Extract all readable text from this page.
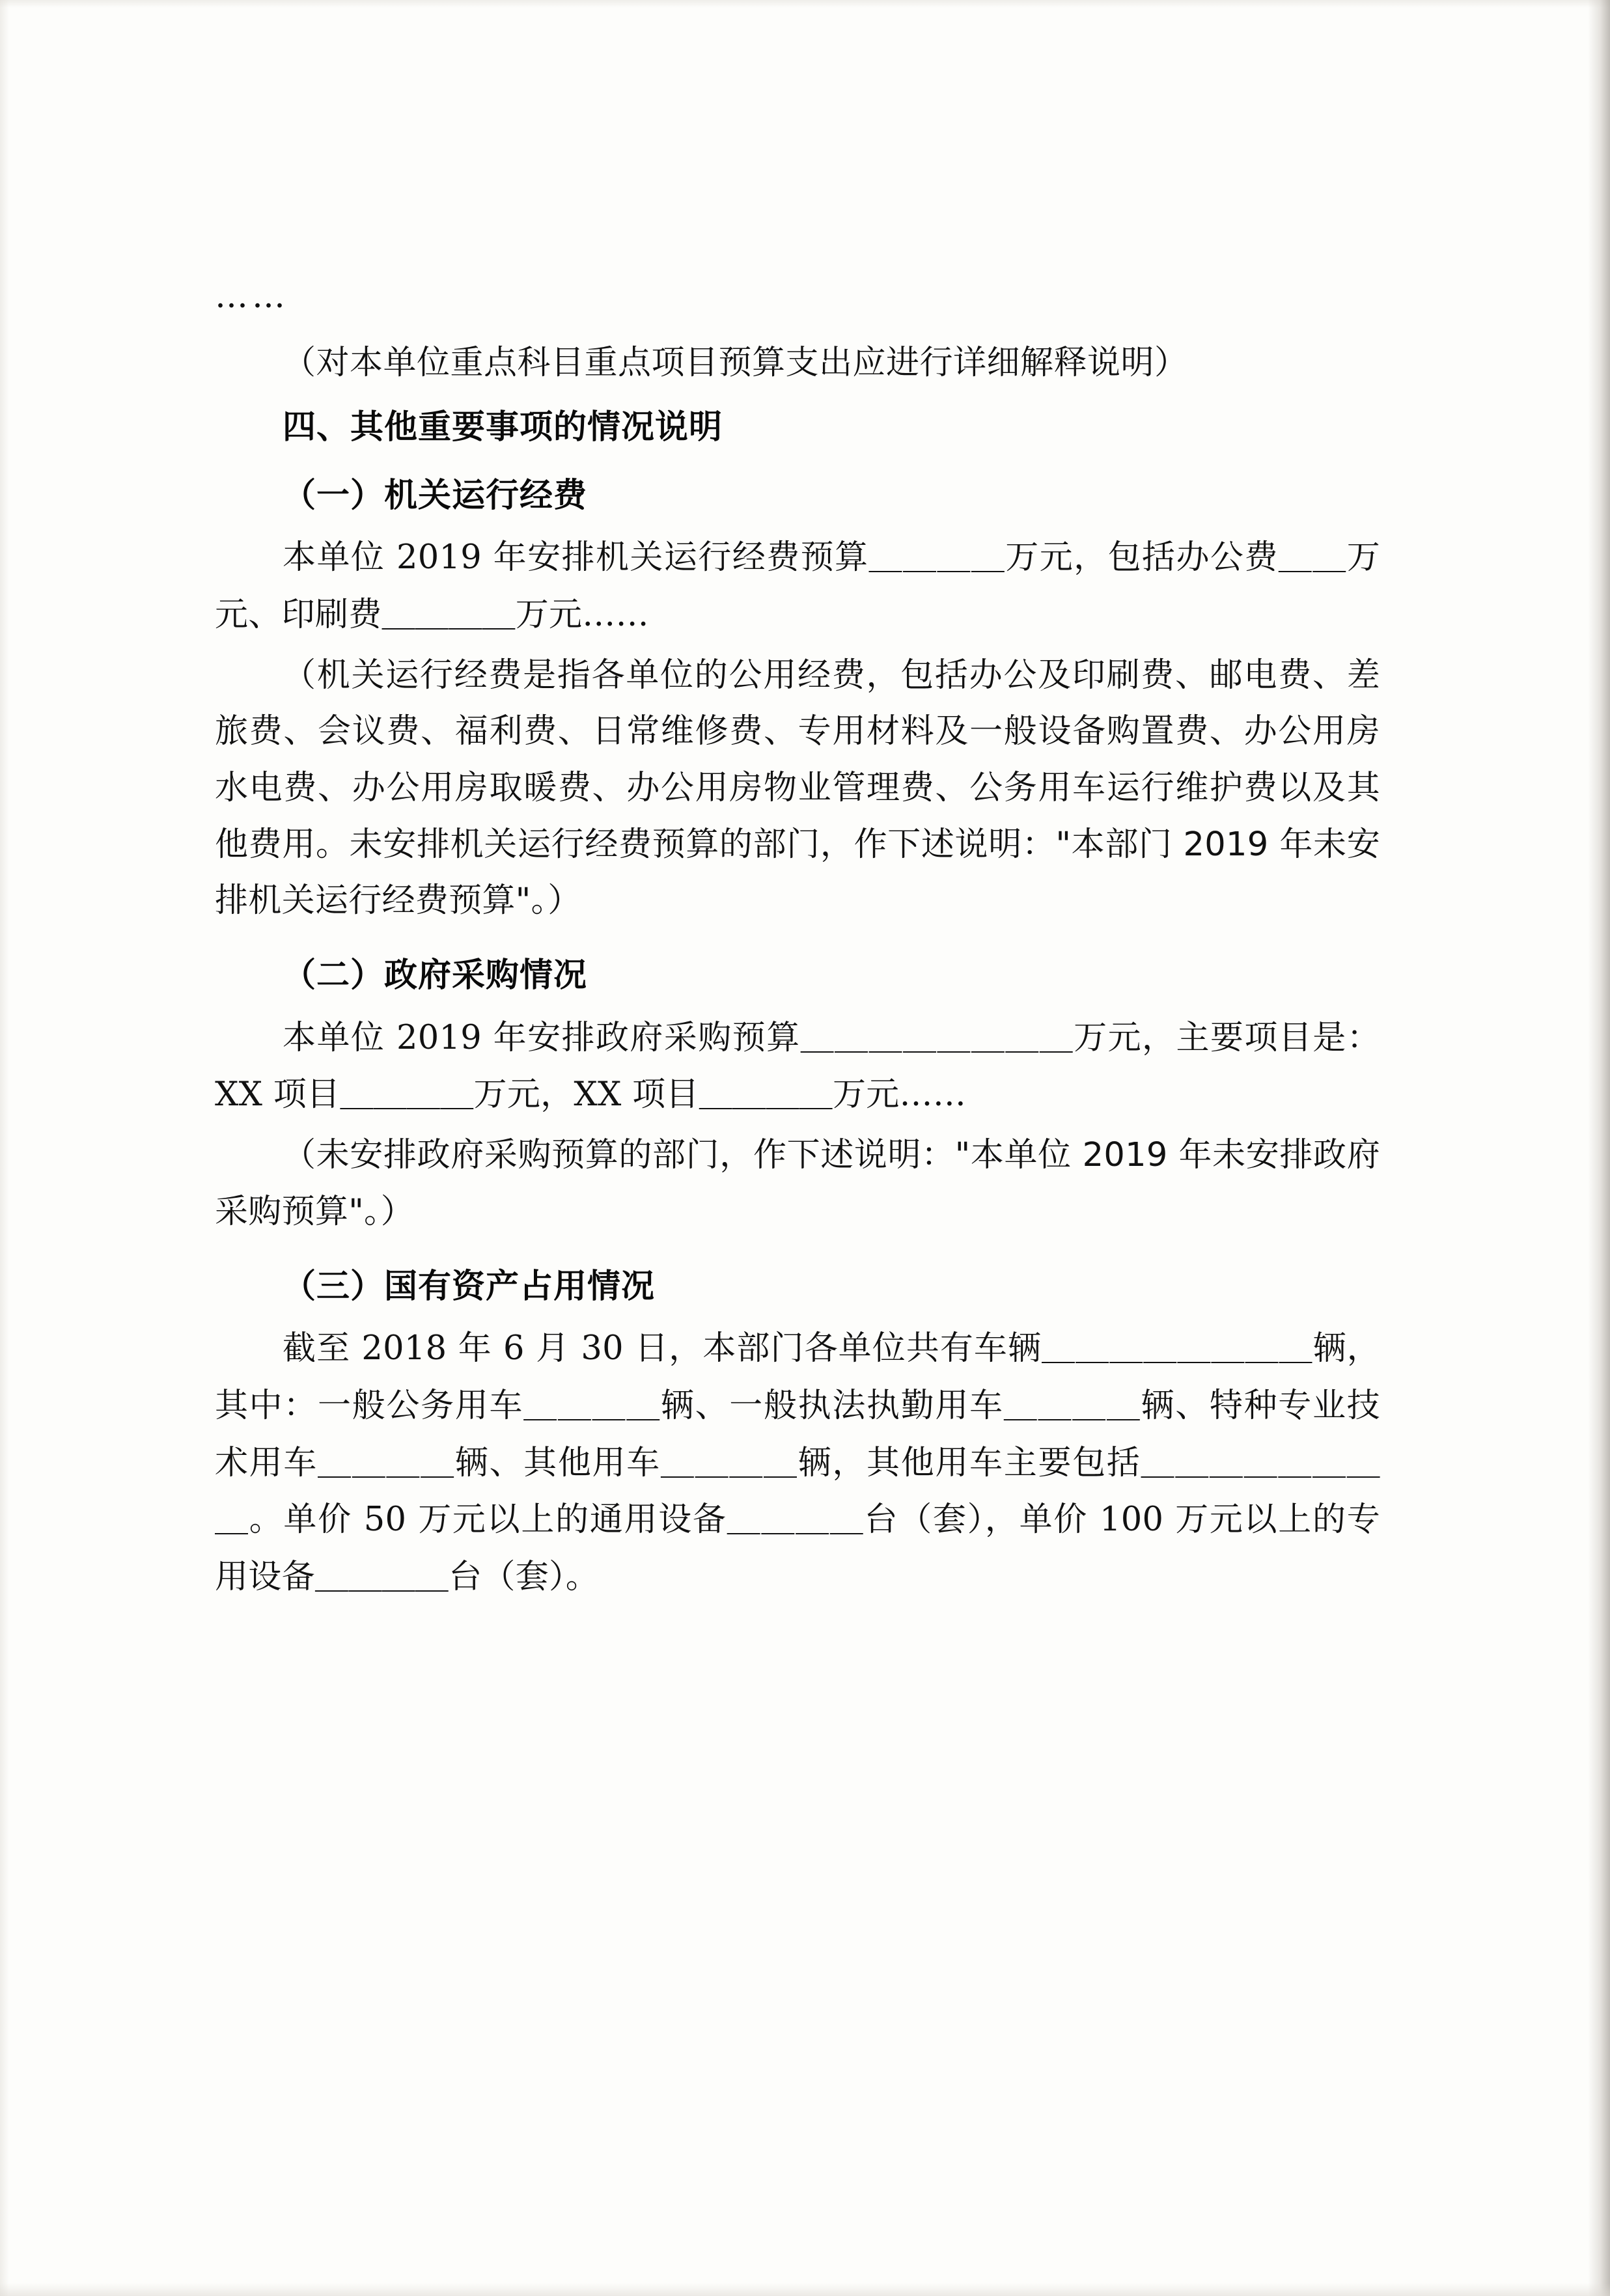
……
（对本单位重点科目重点项目预算支出应进行详细解释说明）
四、其他重要事项的情况说明
（一）机关运行经费
本单位 2019 年安排机关运行经费预算＿＿＿＿万元，包括办公费＿＿万元、印刷费＿＿＿＿万元……
（机关运行经费是指各单位的公用经费，包括办公及印刷费、邮电费、差旅费、会议费、福利费、日常维修费、专用材料及一般设备购置费、办公用房水电费、办公用房取暖费、办公用房物业管理费、公务用车运行维护费以及其他费用。未安排机关运行经费预算的部门，作下述说明："本部门 2019 年未安排机关运行经费预算"。）
（二）政府采购情况
本单位 2019 年安排政府采购预算＿＿＿＿＿＿＿＿万元，主要项目是：XX 项目＿＿＿＿万元，XX 项目＿＿＿＿万元……
（未安排政府采购预算的部门，作下述说明："本单位 2019 年未安排政府采购预算"。）
（三）国有资产占用情况
截至 2018 年 6 月 30 日，本部门各单位共有车辆＿＿＿＿＿＿＿＿辆，其中：一般公务用车＿＿＿＿辆、一般执法执勤用车＿＿＿＿辆、特种专业技术用车＿＿＿＿辆、其他用车＿＿＿＿辆，其他用车主要包括＿＿＿＿＿＿＿＿。单价 50 万元以上的通用设备＿＿＿＿台（套），单价 100 万元以上的专用设备＿＿＿＿台（套）。
